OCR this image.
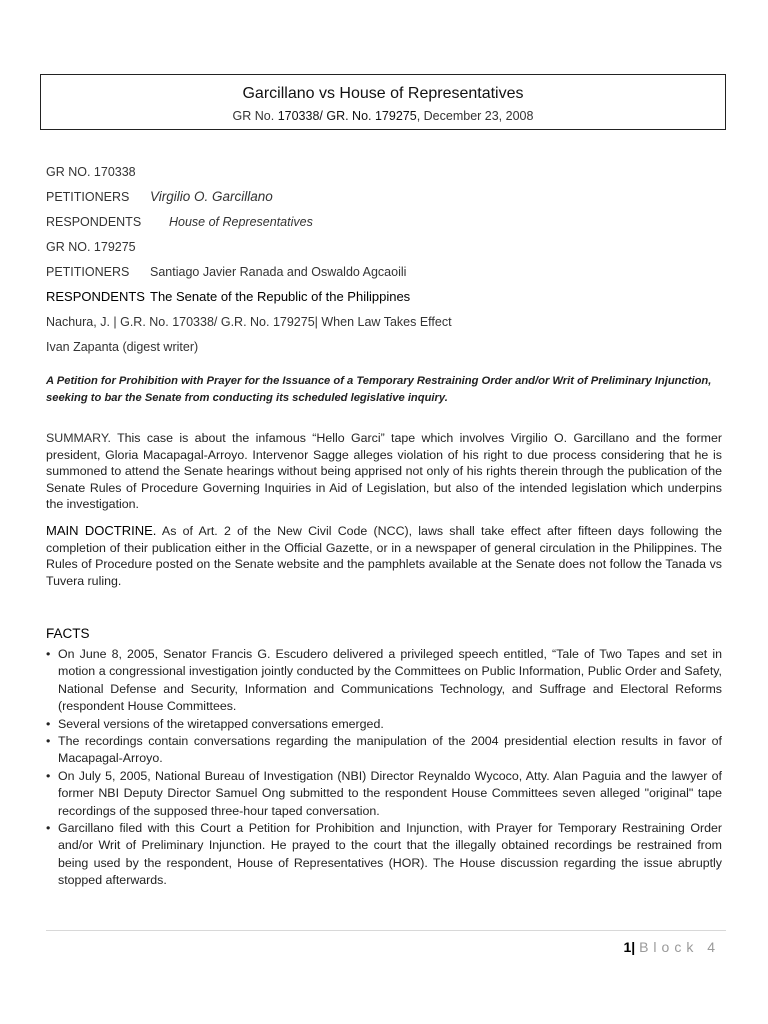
Garcillano vs House of Representatives
GR No. 170338/ GR. No. 179275, December 23, 2008
GR NO. 170338
PETITIONERS Virgilio O. Garcillano
RESPONDENTS House of Representatives
GR NO. 179275
PETITIONERS Santiago Javier Ranada and Oswaldo Agcaoili
RESPONDENTS The Senate of the Republic of the Philippines
Nachura, J. | G.R. No. 170338/ G.R. No. 179275| When Law Takes Effect
Ivan Zapanta (digest writer)
A Petition for Prohibition with Prayer for the Issuance of a Temporary Restraining Order and/or Writ of Preliminary Injunction, seeking to bar the Senate from conducting its scheduled legislative inquiry.
SUMMARY. This case is about the infamous “Hello Garci” tape which involves Virgilio O. Garcillano and the former president, Gloria Macapagal-Arroyo. Intervenor Sagge alleges violation of his right to due process considering that he is summoned to attend the Senate hearings without being apprised not only of his rights therein through the publication of the Senate Rules of Procedure Governing Inquiries in Aid of Legislation, but also of the intended legislation which underpins the investigation.
MAIN DOCTRINE. As of Art. 2 of the New Civil Code (NCC), laws shall take effect after fifteen days following the completion of their publication either in the Official Gazette, or in a newspaper of general circulation in the Philippines. The Rules of Procedure posted on the Senate website and the pamphlets available at the Senate does not follow the Tanada vs Tuvera ruling.
FACTS
• On June 8, 2005, Senator Francis G. Escudero delivered a privileged speech entitled, “Tale of Two Tapes and set in motion a congressional investigation jointly conducted by the Committees on Public Information, Public Order and Safety, National Defense and Security, Information and Communications Technology, and Suffrage and Electoral Reforms (respondent House Committees.
• Several versions of the wiretapped conversations emerged.
• The recordings contain conversations regarding the manipulation of the 2004 presidential election results in favor of Macapagal-Arroyo.
• On July 5, 2005, National Bureau of Investigation (NBI) Director Reynaldo Wycoco, Atty. Alan Paguia and the lawyer of former NBI Deputy Director Samuel Ong submitted to the respondent House Committees seven alleged "original" tape recordings of the supposed three-hour taped conversation.
• Garcillano filed with this Court a Petition for Prohibition and Injunction, with Prayer for Temporary Restraining Order and/or Writ of Preliminary Injunction. He prayed to the court that the illegally obtained recordings be restrained from being used by the respondent, House of Representatives (HOR). The House discussion regarding the issue abruptly stopped afterwards.
1| Block 4
